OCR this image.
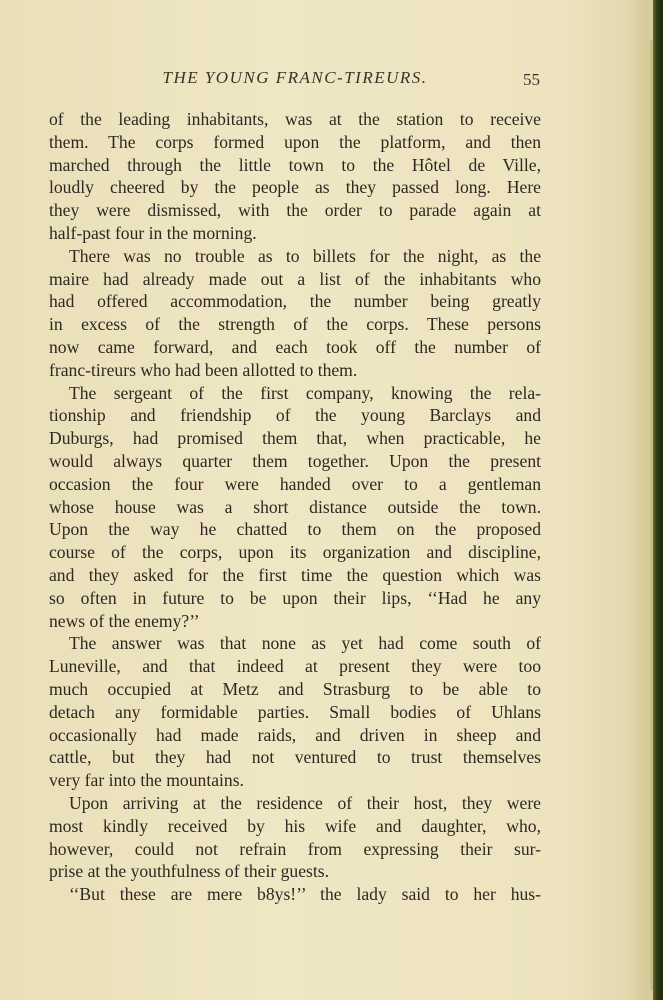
THE YOUNG FRANC-TIREURS.	55
of the leading inhabitants, was at the station to receive
them. The corps formed upon the platform, and then
marched through the little town to the Hôtel de Ville,
loudly cheered by the people as they passed long. Here
they were dismissed, with the order to parade again at
half-past four in the morning.
There was no trouble as to billets for the night, as the
maire had already made out a list of the inhabitants who
had offered accommodation, the number being greatly
in excess of the strength of the corps. These persons
now came forward, and each took off the number of
franc-tireurs who had been allotted to them.
The sergeant of the first company, knowing the rela-
tionship and friendship of the young Barclays and
Duburgs, had promised them that, when practicable, he
would always quarter them together. Upon the present
occasion the four were handed over to a gentleman
whose house was a short distance outside the town.
Upon the way he chatted to them on the proposed
course of the corps, upon its organization and discipline,
and they asked for the first time the question which was
so often in future to be upon their lips, ‘‘Had he any
news of the enemy?’’
The answer was that none as yet had come south of
Luneville, and that indeed at present they were too
much occupied at Metz and Strasburg to be able to
detach any formidable parties. Small bodies of Uhlans
occasionally had made raids, and driven in sheep and
cattle, but they had not ventured to trust themselves
very far into the mountains.
Upon arriving at the residence of their host, they were
most kindly received by his wife and daughter, who,
however, could not refrain from expressing their sur-
prise at the youthfulness of their guests.
‘‘But these are mere b8ys!’’ the lady said to her hus-
